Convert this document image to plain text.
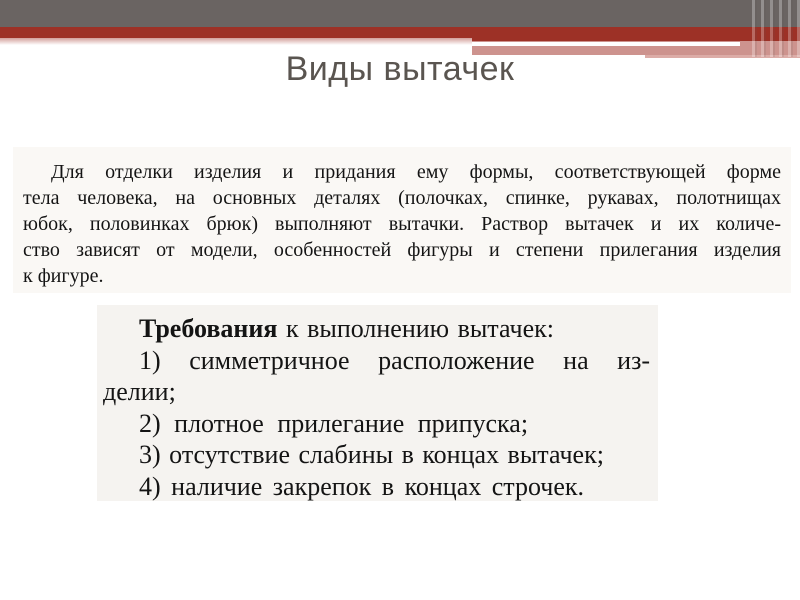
Виды вытачек
Для отделки изделия и придания ему формы, соответствующей форме
тела человека, на основных деталях (полочках, спинке, рукавах, полотнищах
юбок, половинках брюк) выполняют вытачки. Раствор вытачек и их количе-
ство зависят от модели, особенностей фигуры и степени прилегания изделия
к фигуре.
Требования к выполнению вытачек:
1) симметричное расположение на из-
делии;
2) плотное прилегание припуска;
3) отсутствие слабины в концах вытачек;
4) наличие закрепок в концах строчек.
